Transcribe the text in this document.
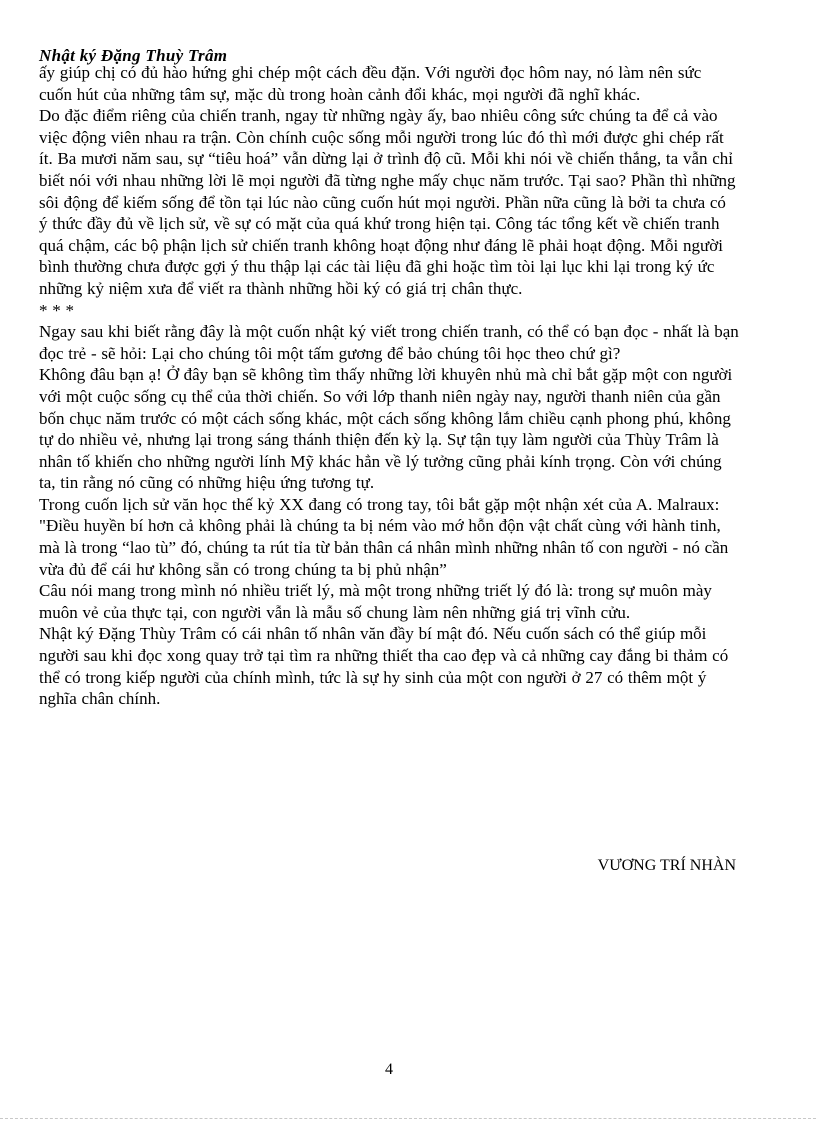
Nhật ký Đặng Thuỳ Trâm

ấy giúp chị có đủ hào hứng ghi chép một cách đều đặn. Với người đọc hôm nay, nó làm nên sức cuốn hút của những tâm sự, mặc dù trong hoàn cảnh đổi khác, mọi người đã nghĩ khác.

Do đặc điểm riêng của chiến tranh, ngay từ những ngày ấy, bao nhiêu công sức chúng ta để cả vào việc động viên nhau ra trận. Còn chính cuộc sống mỗi người trong lúc đó thì mới được ghi chép rất ít. Ba mươi năm sau, sự “tiêu hoá” vẫn dừng lại ở trình độ cũ. Mỗi khi nói về chiến thắng, ta vẫn chỉ biết nói với nhau những lời lẽ mọi người đã từng nghe mấy chục năm trước. Tại sao? Phần thì những sôi động để kiếm sống để tồn tại lúc nào cũng cuốn hút mọi người. Phần nữa cũng là bởi ta chưa có ý thức đầy đủ về lịch sử, về sự có mặt của quá khứ trong hiện tại. Công tác tổng kết về chiến tranh quá chậm, các bộ phận lịch sử chiến tranh không hoạt động như đáng lẽ phải hoạt động. Mỗi người bình thường chưa được gợi ý thu thập lại các tài liệu đã ghi hoặc tìm tòi lại lục khi lại trong ký ức những kỷ niệm xưa để viết ra thành những hồi ký có giá trị chân thực.

* * *

Ngay sau khi biết rằng đây là một cuốn nhật ký viết trong chiến tranh, có thể có bạn đọc - nhất là bạn đọc trẻ - sẽ hỏi: Lại cho chúng tôi một tấm gương để bảo chúng tôi học theo chứ gì?

Không đâu bạn ạ! Ở đây bạn sẽ không tìm thấy những lời khuyên nhủ mà chỉ bắt gặp một con người với một cuộc sống cụ thể của thời chiến. So với lớp thanh niên ngày nay, người thanh niên của gần bốn chục năm trước có một cách sống khác, một cách sống không lắm chiều cạnh phong phú, không tự do nhiều vẻ, nhưng lại trong sáng thánh thiện đến kỳ lạ. Sự tận tụy làm người của Thùy Trâm là nhân tố khiến cho những người lính Mỹ khác hẳn về lý tưởng cũng phải kính trọng. Còn với chúng ta, tin rằng nó cũng có những hiệu ứng tương tự.

Trong cuốn lịch sử văn học thế kỷ XX đang có trong tay, tôi bắt gặp một nhận xét của A. Malraux: "Điều huyền bí hơn cả không phải là chúng ta bị ném vào mớ hỗn độn vật chất cùng với hành tinh, mà là trong “lao tù” đó, chúng ta rút tỉa từ bản thân cá nhân mình những nhân tố con người - nó cần vừa đủ để cái hư không sẵn có trong chúng ta bị phủ nhận”

Câu nói mang trong mình nó nhiều triết lý, mà một trong những triết lý đó là: trong sự muôn mày muôn vẻ của thực tại, con người vẫn là mẫu số chung làm nên những giá trị vĩnh cửu.

Nhật ký Đặng Thùy Trâm có cái nhân tố nhân văn đầy bí mật đó. Nếu cuốn sách có thể giúp mỗi người sau khi đọc xong quay trở tại tìm ra những thiết tha cao đẹp và cả những cay đắng bi thảm có thể có trong kiếp người của chính mình, tức là sự hy sinh của một con người ở 27 có thêm một ý nghĩa chân chính.

VƯƠNG TRÍ NHÀN
4
